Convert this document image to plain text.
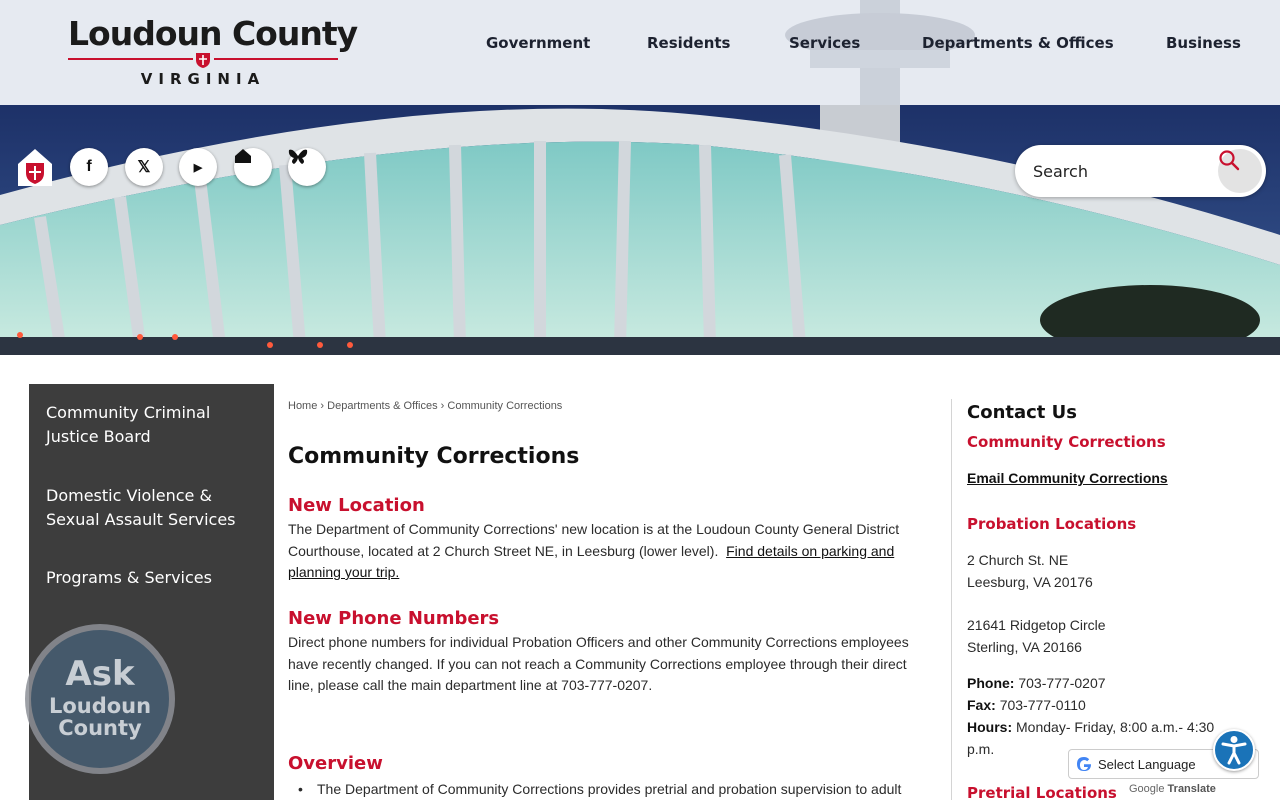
Loudoun County
VIRGINIA
Government	Residents	Services	Departments & Offices	Business
f	𝕏	▶
Search
Community Criminal Justice Board
Domestic Violence & Sexual Assault Services
Programs & Services
Ask
Loudoun
County
Home › Departments & Offices › Community Corrections
Community Corrections
New Location

The Department of Community Corrections' new location is at the Loudoun County General District Courthouse, located at 2 Church Street NE, in Leesburg (lower level). Find details on parking and planning your trip.

New Phone Numbers

Direct phone numbers for individual Probation Officers and other Community Corrections employees have recently changed. If you can not reach a Community Corrections employee through their direct line, please call the main department line at 703-777-0207.

Overview
• The Department of Community Corrections provides pretrial and probation supervision to adult
Contact Us
Community Corrections
Email Community Corrections
Probation Locations
2 Church St. NE
Leesburg, VA 20176
21641 Ridgetop Circle
Sterling, VA 20166
Phone: 703-777-0207
Fax: 703-777-0110
Hours: Monday- Friday, 8:00 a.m.- 4:30 p.m.
Pretrial Locations
Select Language
Google Translate
